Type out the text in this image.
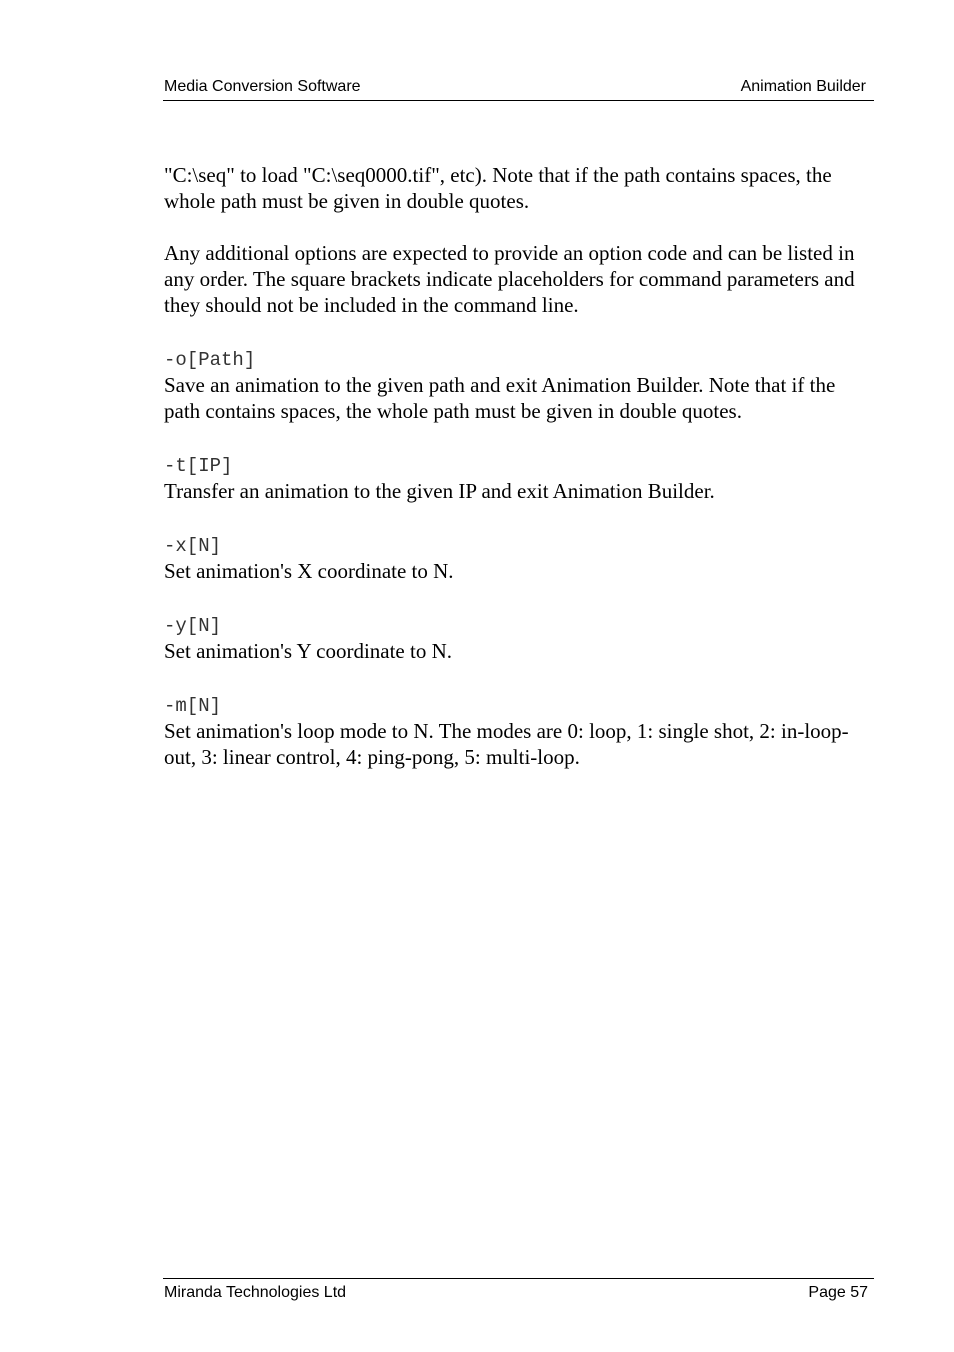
Media Conversion Software	Animation Builder

"C:\seq" to load "C:\seq0000.tif", etc). Note that if the path contains spaces, the whole path must be given in double quotes.

Any additional options are expected to provide an option code and can be listed in any order. The square brackets indicate placeholders for command parameters and they should not be included in the command line.

-o[Path]
Save an animation to the given path and exit Animation Builder. Note that if the path contains spaces, the whole path must be given in double quotes.
-t[IP]
Transfer an animation to the given IP and exit Animation Builder.
-x[N]
Set animation's X coordinate to N.
-y[N]
Set animation's Y coordinate to N.
-m[N]
Set animation's loop mode to N. The modes are 0: loop, 1: single shot, 2: in-loop-out, 3: linear control, 4: ping-pong, 5: multi-loop.
Miranda Technologies Ltd	Page 57
